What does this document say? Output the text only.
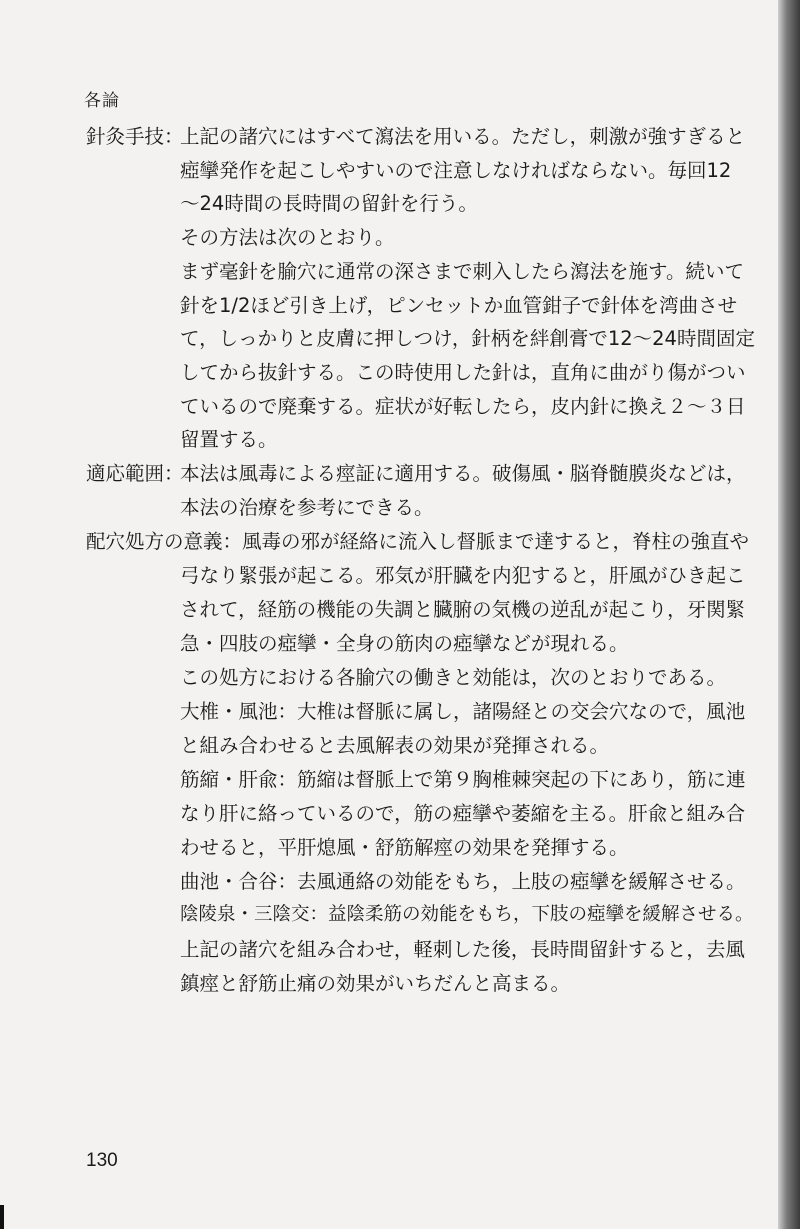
各論
針灸手技：
上記の諸穴にはすべて瀉法を用いる。ただし，刺激が強すぎると
瘂攣発作を起こしやすいので注意しなければならない。毎回12
～24時間の長時間の留針を行う。
その方法は次のとおり。
まず毫針を腧穴に通常の深さまで刺入したら瀉法を施す。続いて
針を1/2ほど引き上げ，ピンセットか血管鉗子で針体を湾曲させ
て，しっかりと皮膚に押しつけ，針柄を絆創膏で12～24時間固定
してから抜針する。この時使用した針は，直角に曲がり傷がつい
ているので廃棄する。症状が好転したら，皮内針に換え２～３日
留置する。
適応範囲：
本法は風毒による痙証に適用する。破傷風・脳脊髄膜炎などは，
本法の治療を参考にできる。
配穴処方の意義： 風毒の邪が経絡に流入し督脈まで達すると，脊柱の強直や
弓なり緊張が起こる。邪気が肝臓を内犯すると，肝風がひき起こ
されて，経筋の機能の失調と臓腑の気機の逆乱が起こり，牙関緊
急・四肢の瘂攣・全身の筋肉の瘂攣などが現れる。
この処方における各腧穴の働きと効能は，次のとおりである。
大椎・風池：大椎は督脈に属し，諸陽経との交会穴なので，風池
と組み合わせると去風解表の効果が発揮される。
筋縮・肝兪：筋縮は督脈上で第９胸椎棘突起の下にあり，筋に連
なり肝に絡っているので，筋の瘂攣や萎縮を主る。肝兪と組み合
わせると，平肝熄風・舒筋解痙の効果を発揮する。
曲池・合谷：去風通絡の効能をもち，上肢の瘂攣を緩解させる。
陰陵泉・三陰交：益陰柔筋の効能をもち，下肢の瘂攣を緩解させる。
上記の諸穴を組み合わせ，軽刺した後，長時間留針すると，去風
鎮痙と舒筋止痛の効果がいちだんと高まる。
130
